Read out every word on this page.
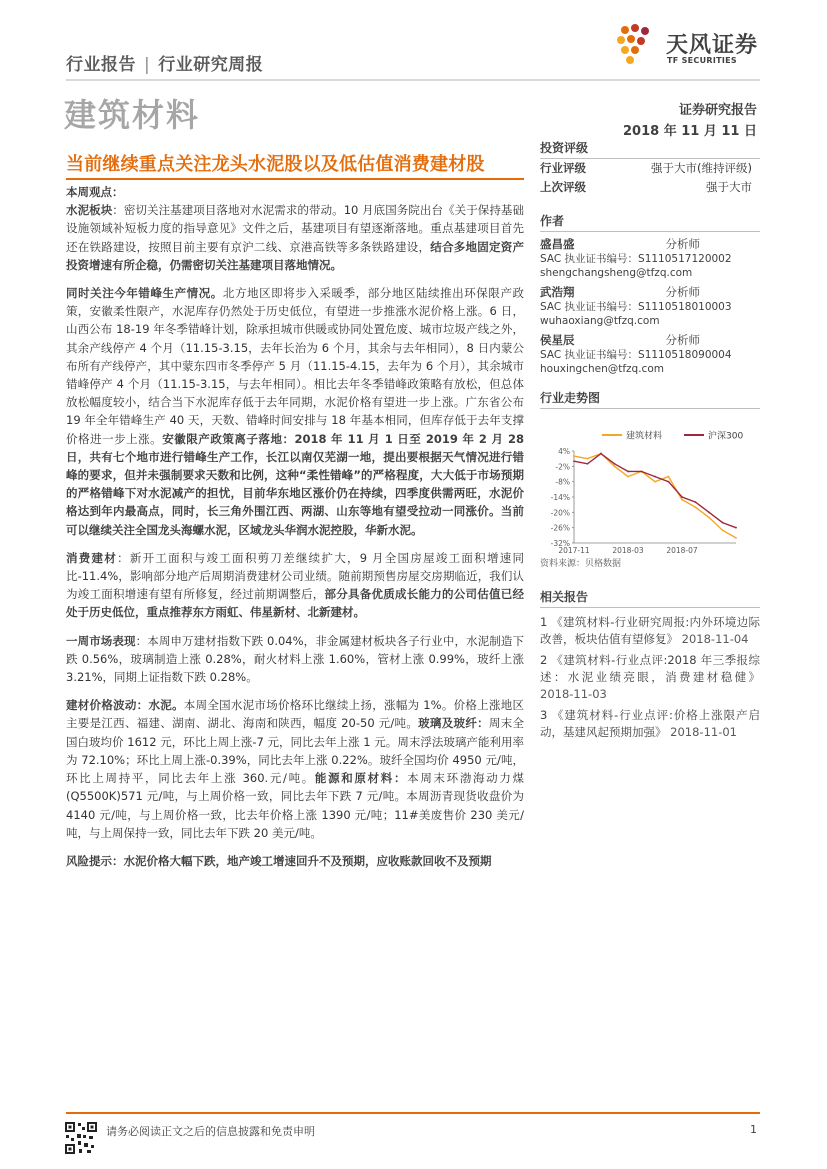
行业报告 | 行业研究周报
天风证券
TF SECURITIES
建筑材料	证券研究报告
2018 年 11 月 11 日
当前继续重点关注龙头水泥股以及低估值消费建材股

本周观点：

水泥板块：密切关注基建项目落地对水泥需求的带动。10 月底国务院出台《关于保持基础设施领域补短板力度的指导意见》文件之后，基建项目有望逐渐落地。重点基建项目首先还在铁路建设，按照目前主要有京沪二线、京港高铁等多条铁路建设，结合多地固定资产投资增速有所企稳，仍需密切关注基建项目落地情况。

同时关注今年错峰生产情况。北方地区即将步入采暖季，部分地区陆续推出环保限产政策，安徽柔性限产，水泥库存仍然处于历史低位，有望进一步推涨水泥价格上涨。6 日，山西公布 18-19 年冬季错峰计划，除承担城市供暖或协同处置危废、城市垃圾产线之外，其余产线停产 4 个月（11.15-3.15，去年长治为 6 个月，其余与去年相同），8 日内蒙公布所有产线停产，其中蒙东四市冬季停产 5 月（11.15-4.15，去年为 6 个月），其余城市错峰停产 4 个月（11.15-3.15，与去年相同）。相比去年冬季错峰政策略有放松，但总体放松幅度较小，结合当下水泥库存低于去年同期，水泥价格有望进一步上涨。广东省公布 19 年全年错峰生产 40 天，天数、错峰时间安排与 18 年基本相同，但库存低于去年支撑价格进一步上涨。安徽限产政策离子落地：2018 年 11 月 1 日至 2019 年 2 月 28 日，共有七个地市进行错峰生产工作，长江以南仅芜湖一地，提出要根据天气情况进行错峰的要求，但并未强制要求天数和比例，这种“柔性错峰”的严格程度，大大低于市场预期的严格错峰下对水泥减产的担忧，目前华东地区涨价仍在持续，四季度供需两旺，水泥价格达到年内最高点，同时，长三角外围江西、两湖、山东等地有望受拉动一同涨价。当前可以继续关注全国龙头海螺水泥，区域龙头华润水泥控股，华新水泥。

消费建材：新开工面积与竣工面积剪刀差继续扩大，9 月全国房屋竣工面积增速同比-11.4%，影响部分地产后周期消费建材公司业绩。随前期预售房屋交房期临近，我们认为竣工面积增速有望有所修复，经过前期调整后，部分具备优质成长能力的公司估值已经处于历史低位，重点推荐东方雨虹、伟星新材、北新建材。

一周市场表现：本周申万建材指数下跌 0.04%，非金属建材板块各子行业中，水泥制造下跌 0.56%，玻璃制造上涨 0.28%，耐火材料上涨 1.60%，管材上涨 0.99%，玻纤上涨 3.21%，同期上证指数下跌 0.28%。

建材价格波动：水泥。本周全国水泥市场价格环比继续上扬，涨幅为 1%。价格上涨地区主要是江西、福建、湖南、湖北、海南和陕西，幅度 20-50 元/吨。玻璃及玻纤：周末全国白玻均价 1612 元，环比上周上涨-7 元，同比去年上涨 1 元。周末浮法玻璃产能利用率为 72.10%；环比上周上涨-0.39%，同比去年上涨 0.22%。玻纤全国均价 4950 元/吨，环比上周持平，同比去年上涨 360.元/吨。能源和原材料：本周末环渤海动力煤(Q5500K)571 元/吨，与上周价格一致，同比去年下跌 7 元/吨。本周沥青现货收盘价为 4140 元/吨，与上周价格一致，比去年价格上涨 1390 元/吨；11#美废售价 230 美元/吨，与上周保持一致，同比去年下跌 20 美元/吨。

风险提示：水泥价格大幅下跌，地产竣工增速回升不及预期，应收账款回收不及预期

投资评级
行业评级	强于大市(维持评级)
上次评级	强于大市
作者
盛昌盛	分析师
SAC 执业证书编号：S1110517120002
shengchangsheng@tfzq.com
武浩翔	分析师
SAC 执业证书编号：S1110518010003
wuhaoxiang@tfzq.com
侯星辰	分析师
SAC 执业证书编号：S1110518090004
houxingchen@tfzq.com
行业走势图
建筑材料	沪深300
4%
-2%
-8%
-14%
-20%
-26%
-32%
2017-11	2018-03	2018-07
资料来源：贝格数据
相关报告
1 《建筑材料-行业研究周报:内外环境边际改善，板块估值有望修复》 2018-11-04
2 《建筑材料-行业点评:2018 年三季报综述：水泥业绩亮眼，消费建材稳健》 2018-11-03
3 《建筑材料-行业点评:价格上涨限产启动，基建风起预期加强》 2018-11-01
请务必阅读正文之后的信息披露和免责申明	1
